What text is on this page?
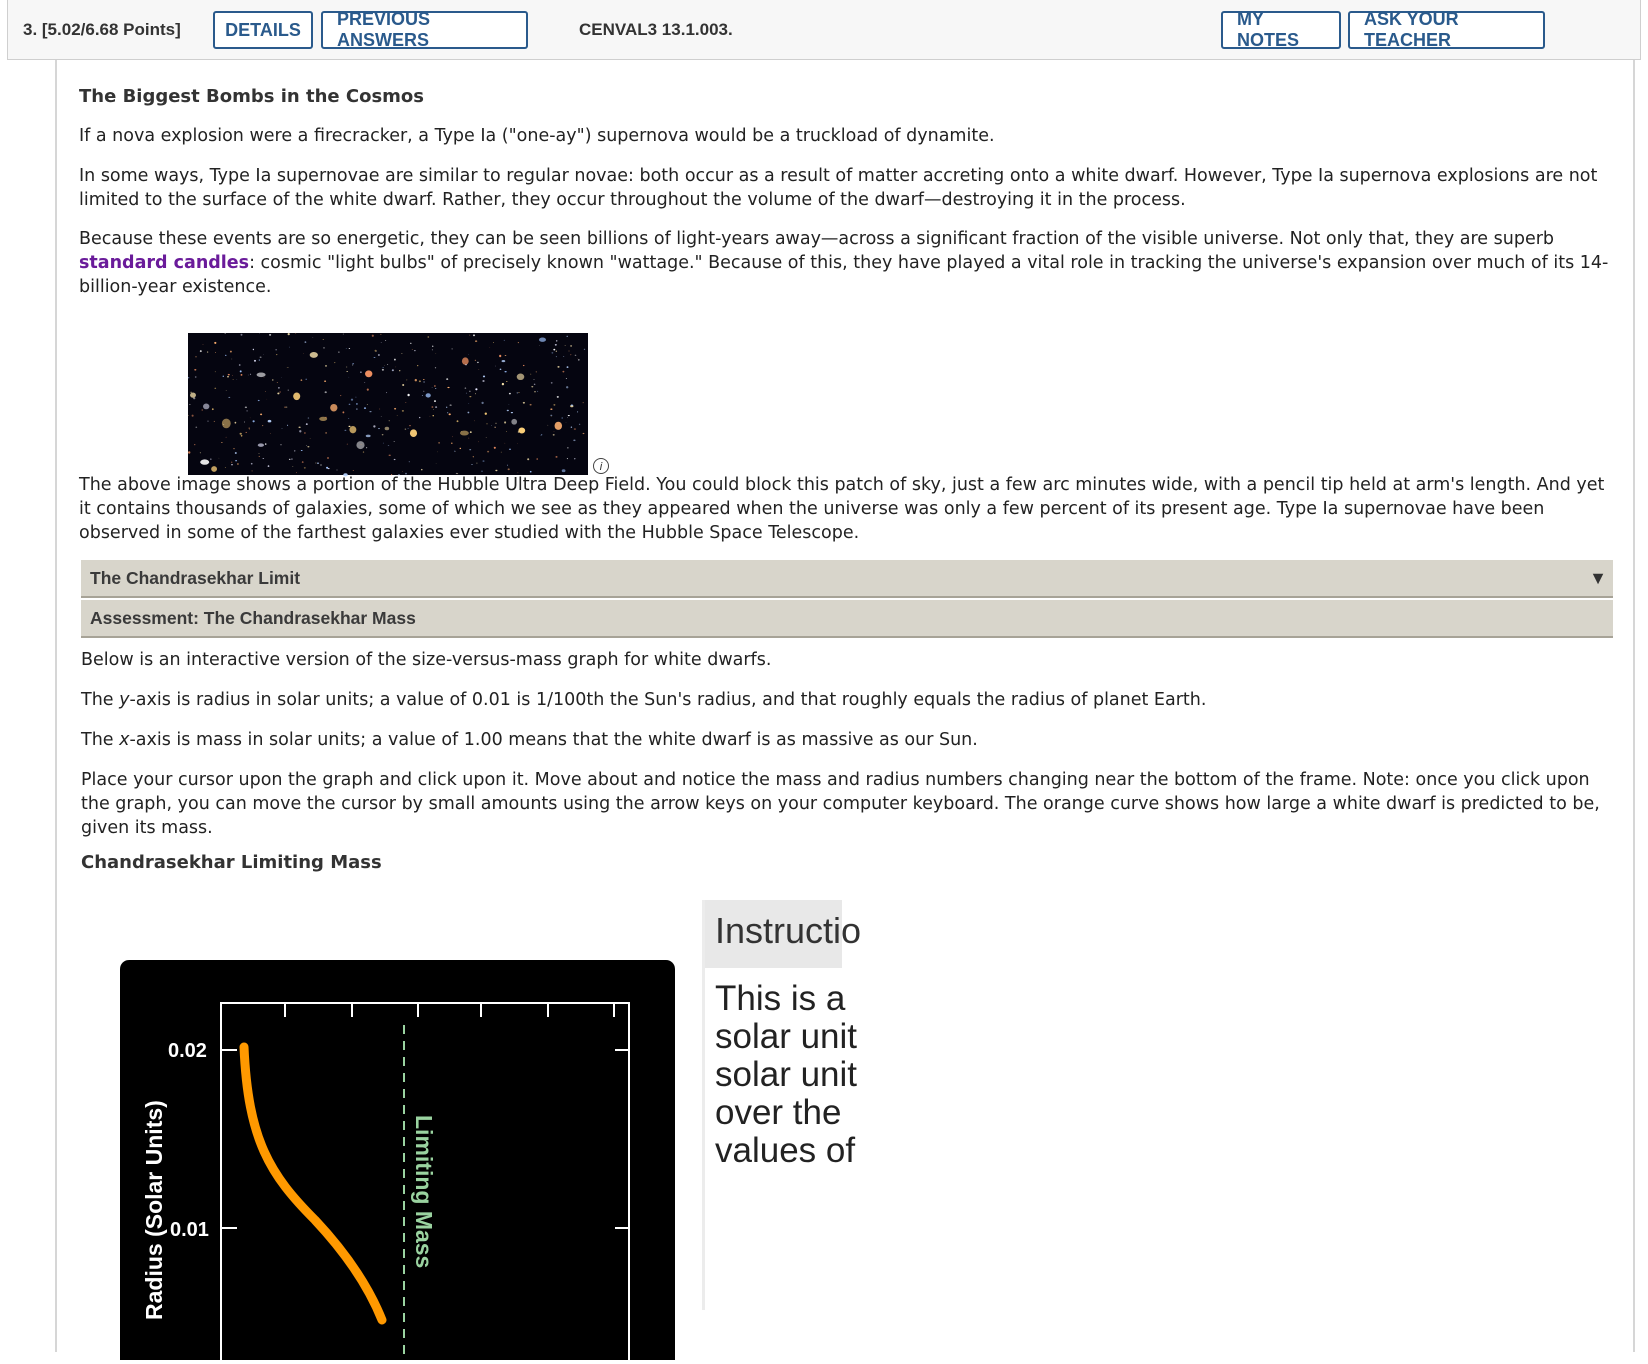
3. [5.02/6.68 Points]	DETAILS
PREVIOUS ANSWERS
CENVAL3 13.1.003.
MY NOTES
ASK YOUR TEACHER
The Biggest Bombs in the Cosmos
If a nova explosion were a firecracker, a Type Ia ("one-ay") supernova would be a truckload of dynamite.
In some ways, Type Ia supernovae are similar to regular novae: both occur as a result of matter accreting onto a white dwarf. However, Type Ia supernova explosions are not limited to the surface of the white dwarf. Rather, they occur throughout the volume of the dwarf—destroying it in the process.
Because these events are so energetic, they can be seen billions of light-years away—across a significant fraction of the visible universe. Not only that, they are superb standard candles: cosmic "light bulbs" of precisely known "wattage." Because of this, they have played a vital role in tracking the universe's expansion over much of its 14-billion-year existence.
i
The above image shows a portion of the Hubble Ultra Deep Field. You could block this patch of sky, just a few arc minutes wide, with a pencil tip held at arm's length. And yet it contains thousands of galaxies, some of which we see as they appeared when the universe was only a few percent of its present age. Type Ia supernovae have been observed in some of the farthest galaxies ever studied with the Hubble Space Telescope.
The Chandrasekhar Limit	▼
Assessment: The Chandrasekhar Mass
Below is an interactive version of the size-versus-mass graph for white dwarfs.
The y-axis is radius in solar units; a value of 0.01 is 1/100th the Sun's radius, and that roughly equals the radius of planet Earth.
The x-axis is mass in solar units; a value of 1.00 means that the white dwarf is as massive as our Sun.
Place your cursor upon the graph and click upon it. Move about and notice the mass and radius numbers changing near the bottom of the frame. Note: once you click upon the graph, you can move the cursor by small amounts using the arrow keys on your computer keyboard. The orange curve shows how large a white dwarf is predicted to be, given its mass.
Chandrasekhar Limiting Mass
0.02
0.01
Radius (Solar Units)	Limiting Mass
Instructio
This is a
solar unit
solar unit
over the
values of
